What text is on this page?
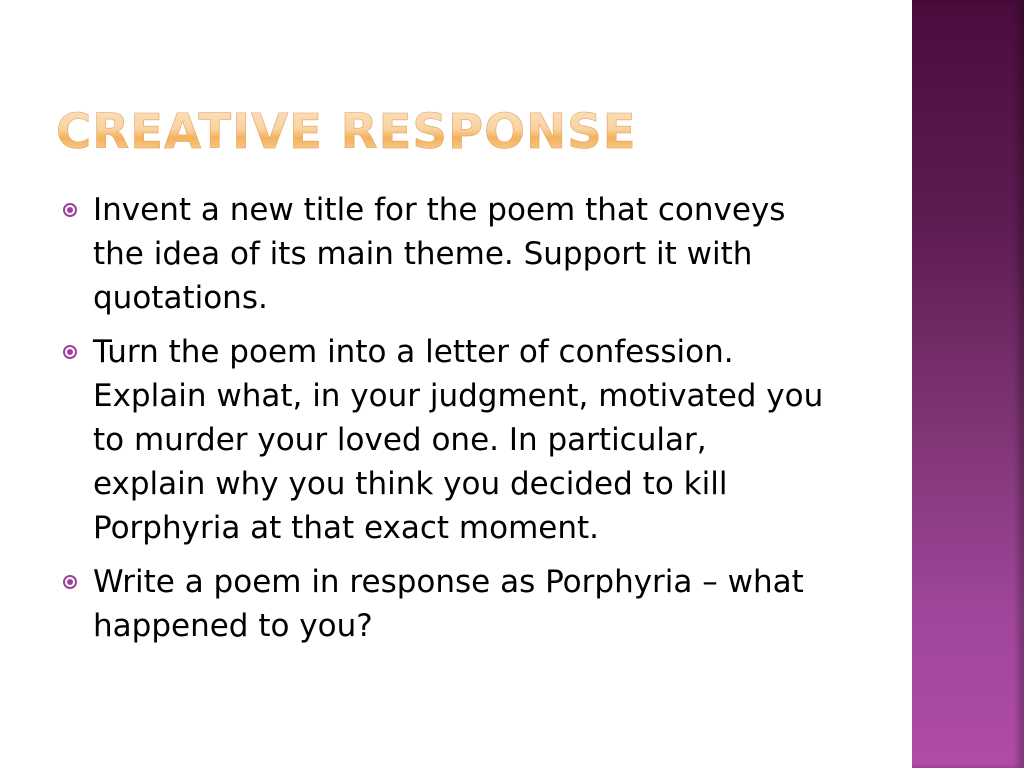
CREATIVE RESPONSE
Invent a new title for the poem that conveys
the idea of its main theme. Support it with
quotations.
Turn the poem into a letter of confession.
Explain what, in your judgment, motivated you
to murder your loved one. In particular,
explain why you think you decided to kill
Porphyria at that exact moment.
Write a poem in response as Porphyria – what
happened to you?
